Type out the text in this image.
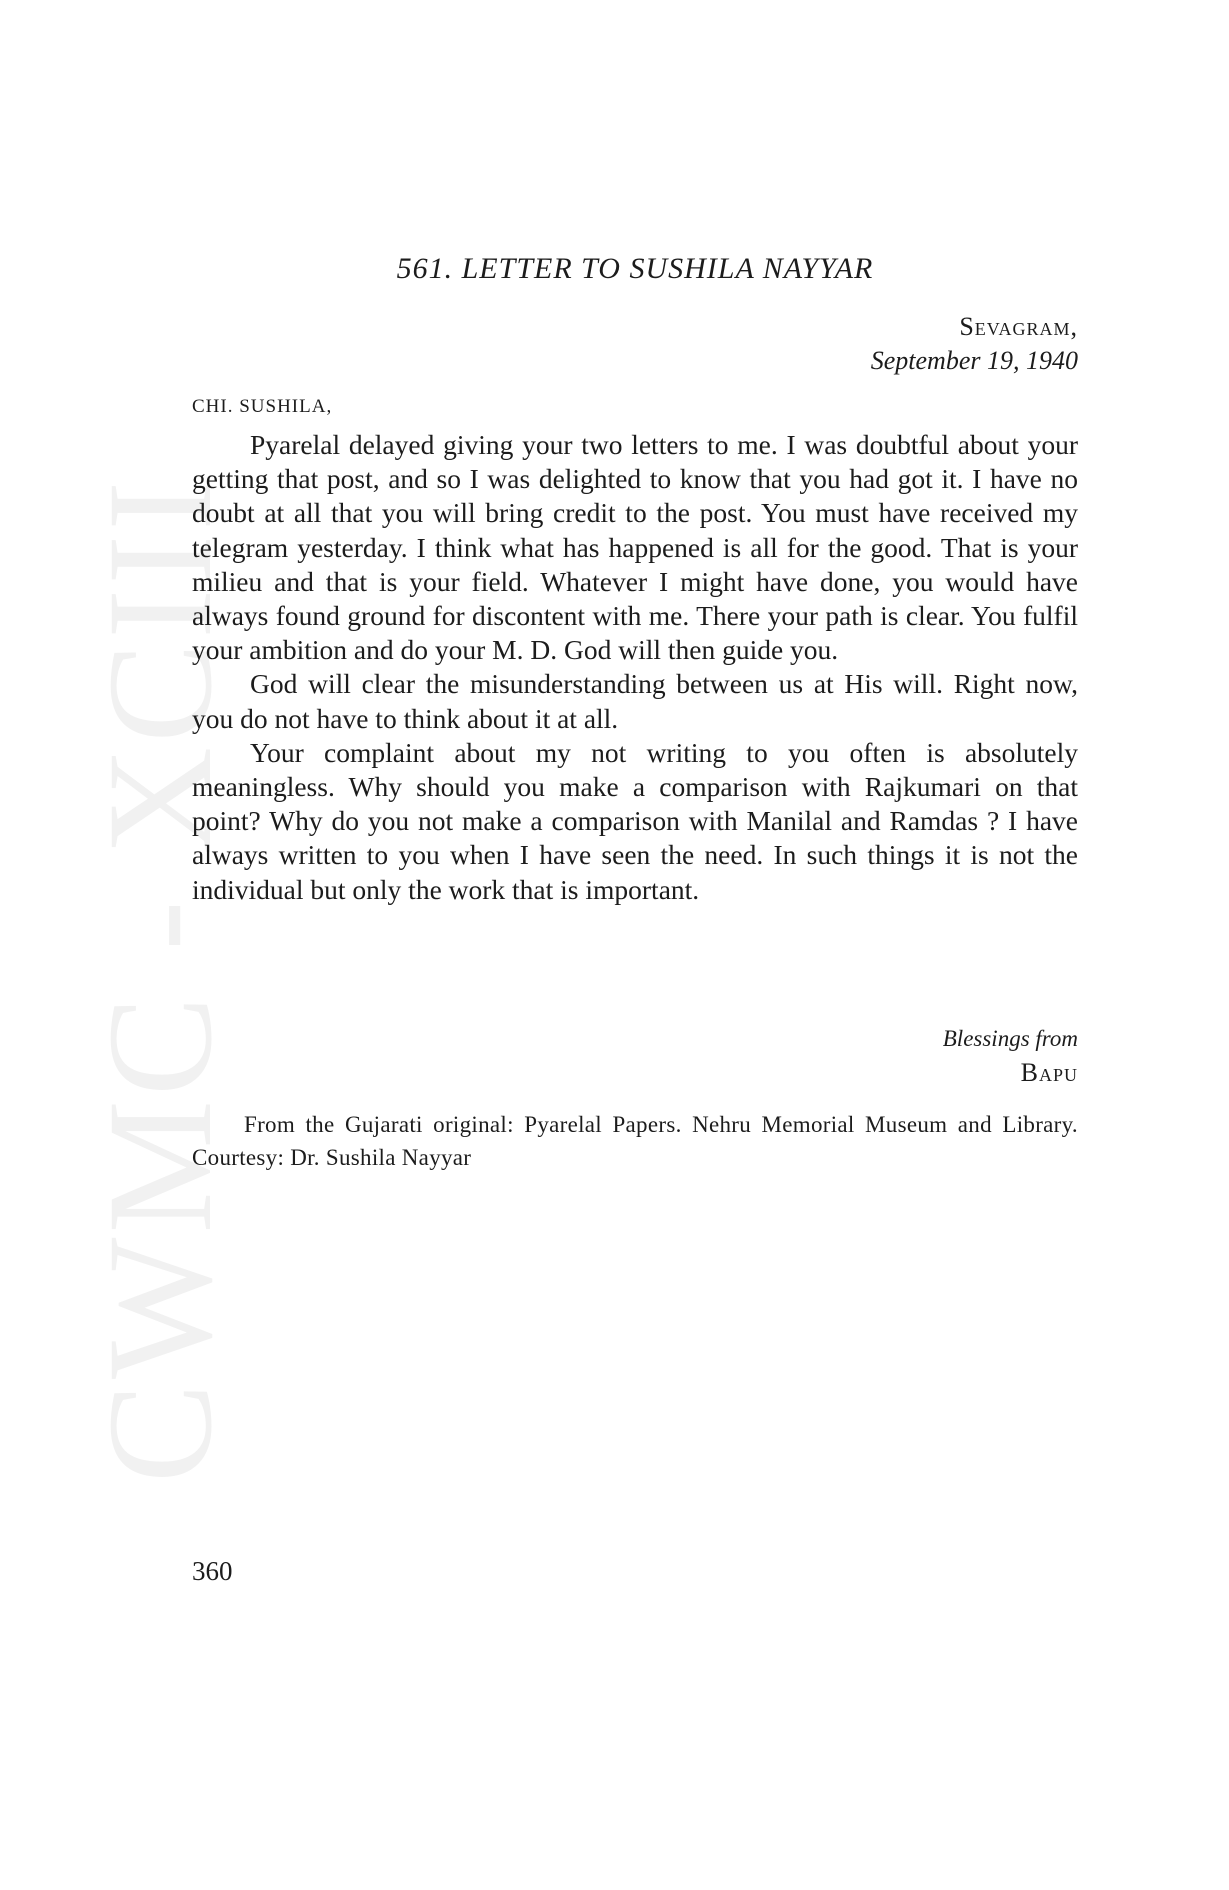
CWMC - XCIII
561. LETTER TO SUSHILA NAYYAR
Sevagram,
September 19, 1940
CHI. SUSHILA,

Pyarelal delayed giving your two letters to me. I was doubtful about your getting that post, and so I was delighted to know that you had got it. I have no doubt at all that you will bring credit to the post. You must have received my telegram yesterday. I think what has happened is all for the good. That is your milieu and that is your field. Whatever I might have done, you would have always found ground for discontent with me. There your path is clear. You fulfil your ambition and do your M. D. God will then guide you.

God will clear the misunderstanding between us at His will. Right now, you do not have to think about it at all.

Your complaint about my not writing to you often is absolutely meaningless. Why should you make a comparison with Rajkumari on that point? Why do you not make a comparison with Manilal and Ramdas ? I have always written to you when I have seen the need. In such things it is not the individual but only the work that is important.

Blessings from
Bapu
From the Gujarati original: Pyarelal Papers. Nehru Memorial Museum and Library. Courtesy: Dr. Sushila Nayyar
360
